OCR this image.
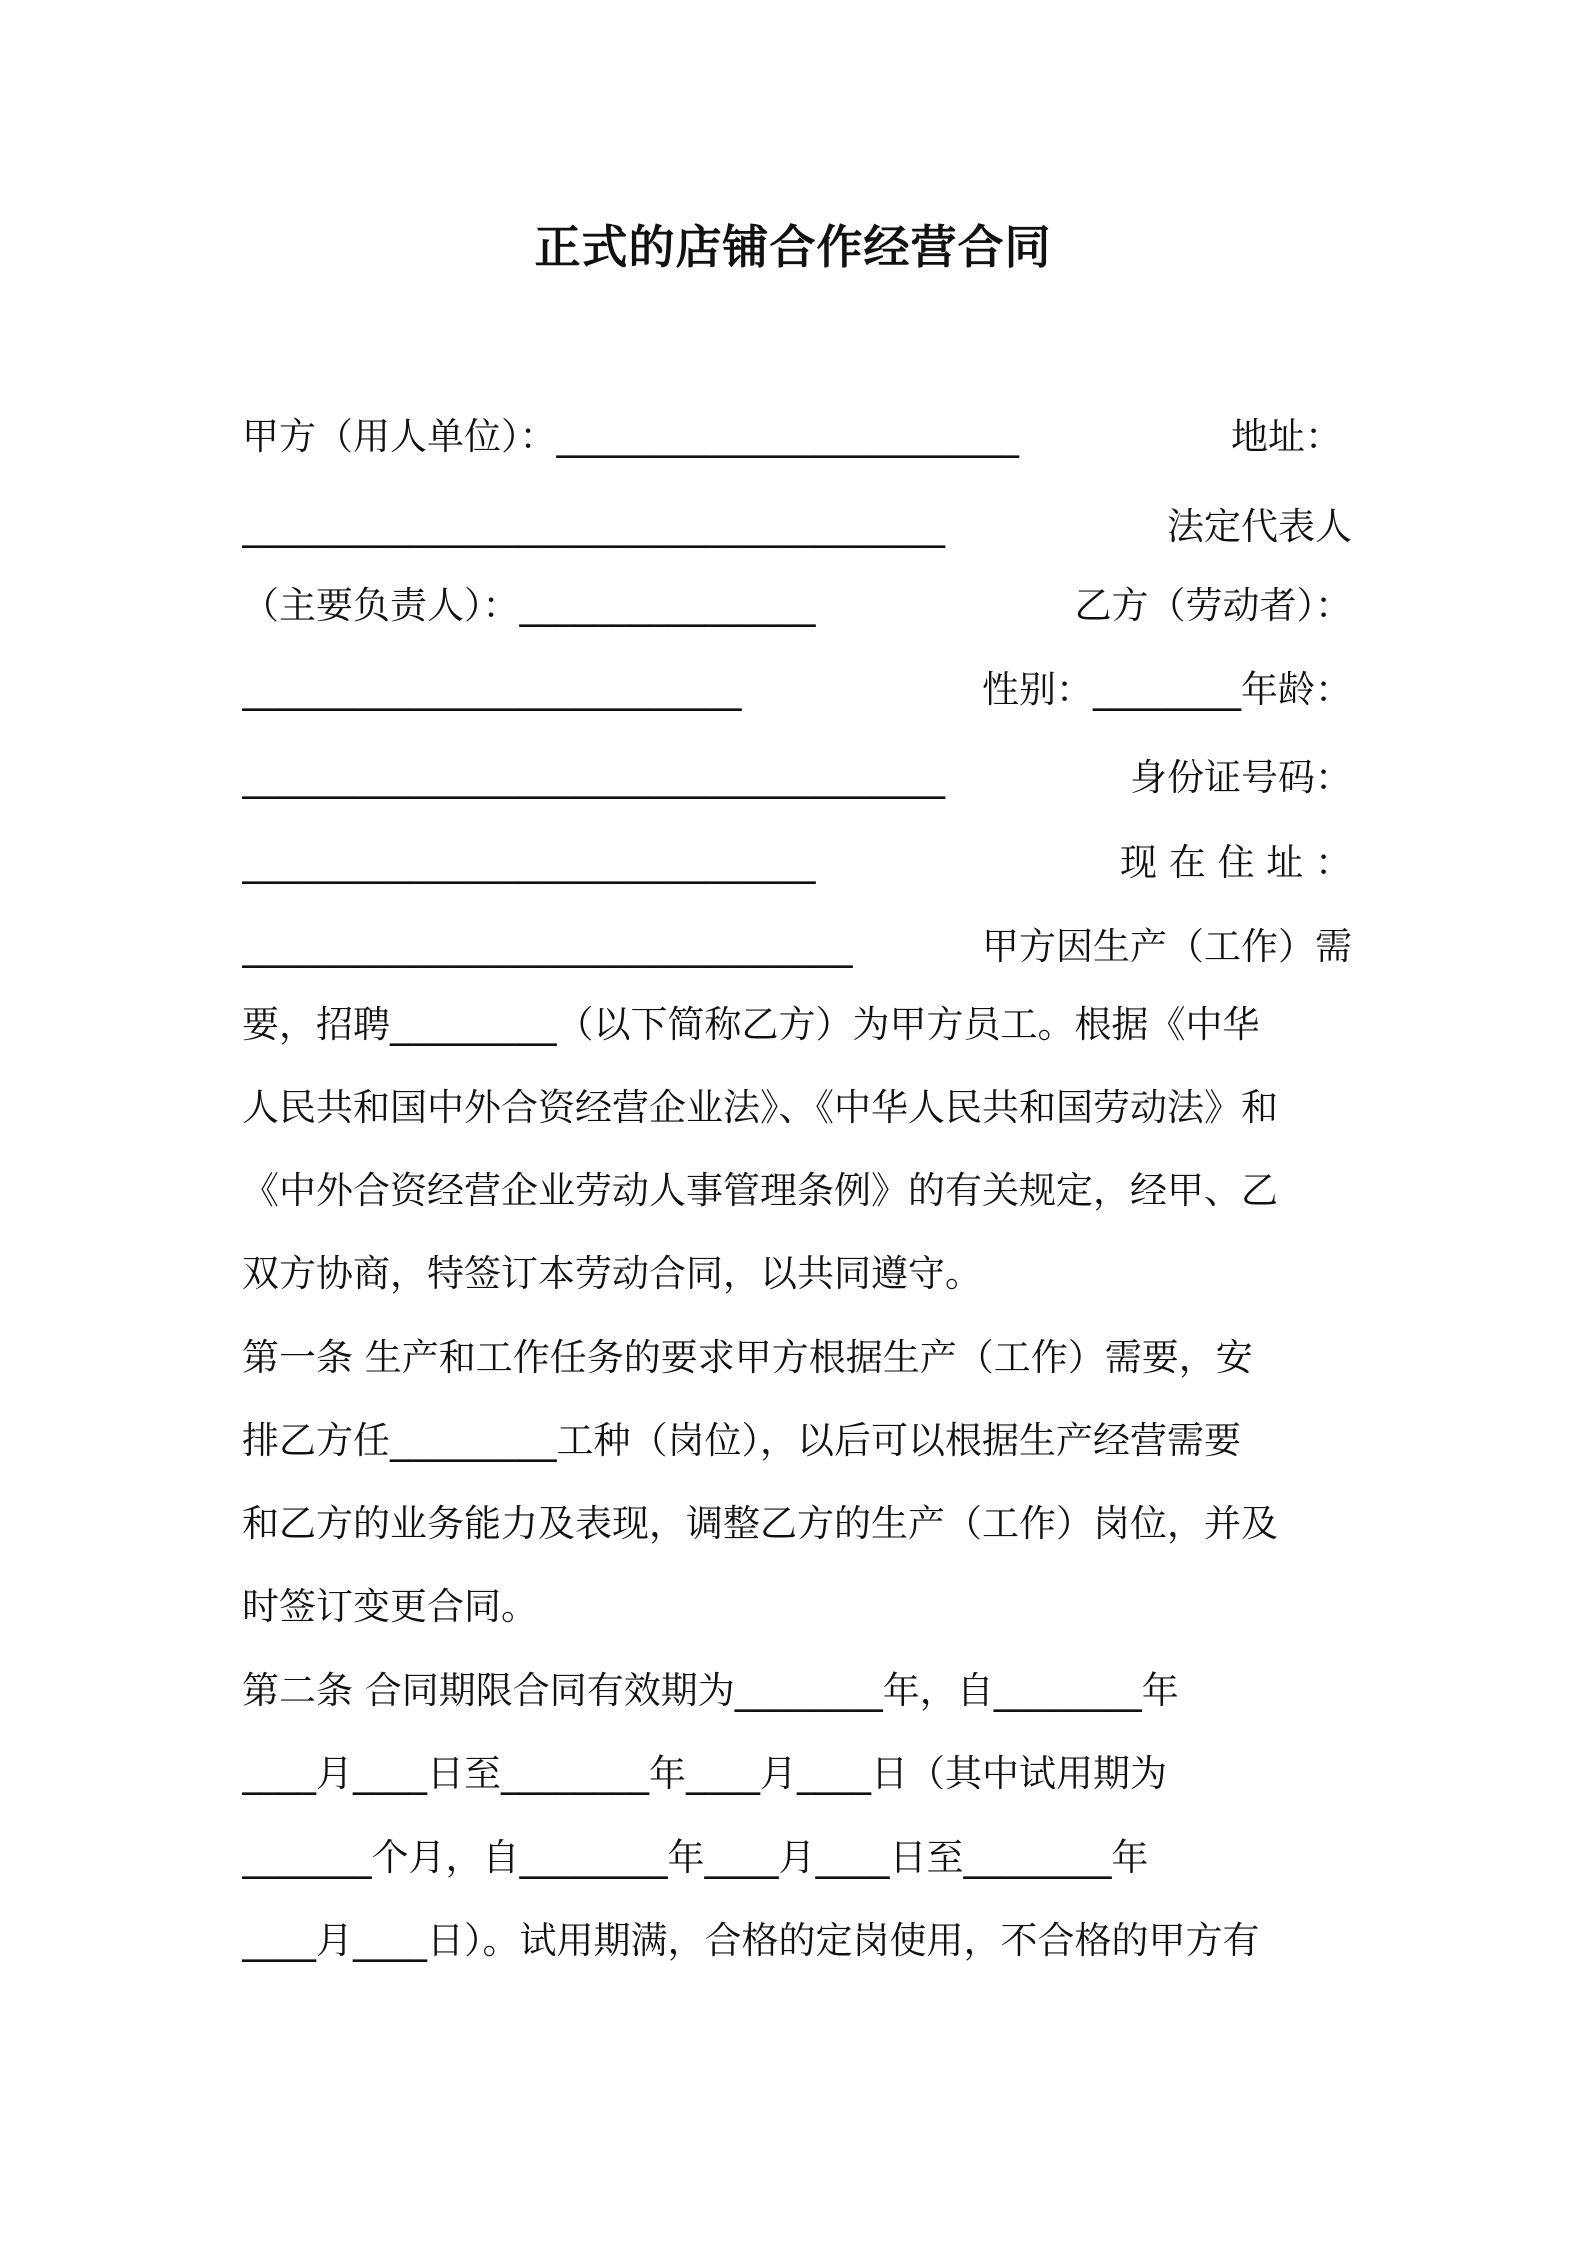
正式的店铺合作经营合同
甲方（用人单位）：_________________________	地址：
______________________________________	法定代表人
（主要负责人）：________________	乙方（劳动者）：
___________________________	性别：________年龄：
______________________________________	身份证号码：
_______________________________	现 在 住 址 ：
_________________________________	甲方因生产（工作）需
要，招聘_________（以下简称乙方）为甲方员工。根据《中华
人民共和国中外合资经营企业法》、《中华人民共和国劳动法》和
《中外合资经营企业劳动人事管理条例》的有关规定，经甲、乙
双方协商，特签订本劳动合同，以共同遵守。
第一条 生产和工作任务的要求甲方根据生产（工作）需要，安
排乙方任_________工种（岗位），以后可以根据生产经营需要
和乙方的业务能力及表现，调整乙方的生产（工作）岗位，并及
时签订变更合同。
第二条 合同期限合同有效期为________年，自________年
____月____日至________年____月____日（其中试用期为
_______个月，自________年____月____日至________年
____月____日）。试用期满，合格的定岗使用，不合格的甲方有
